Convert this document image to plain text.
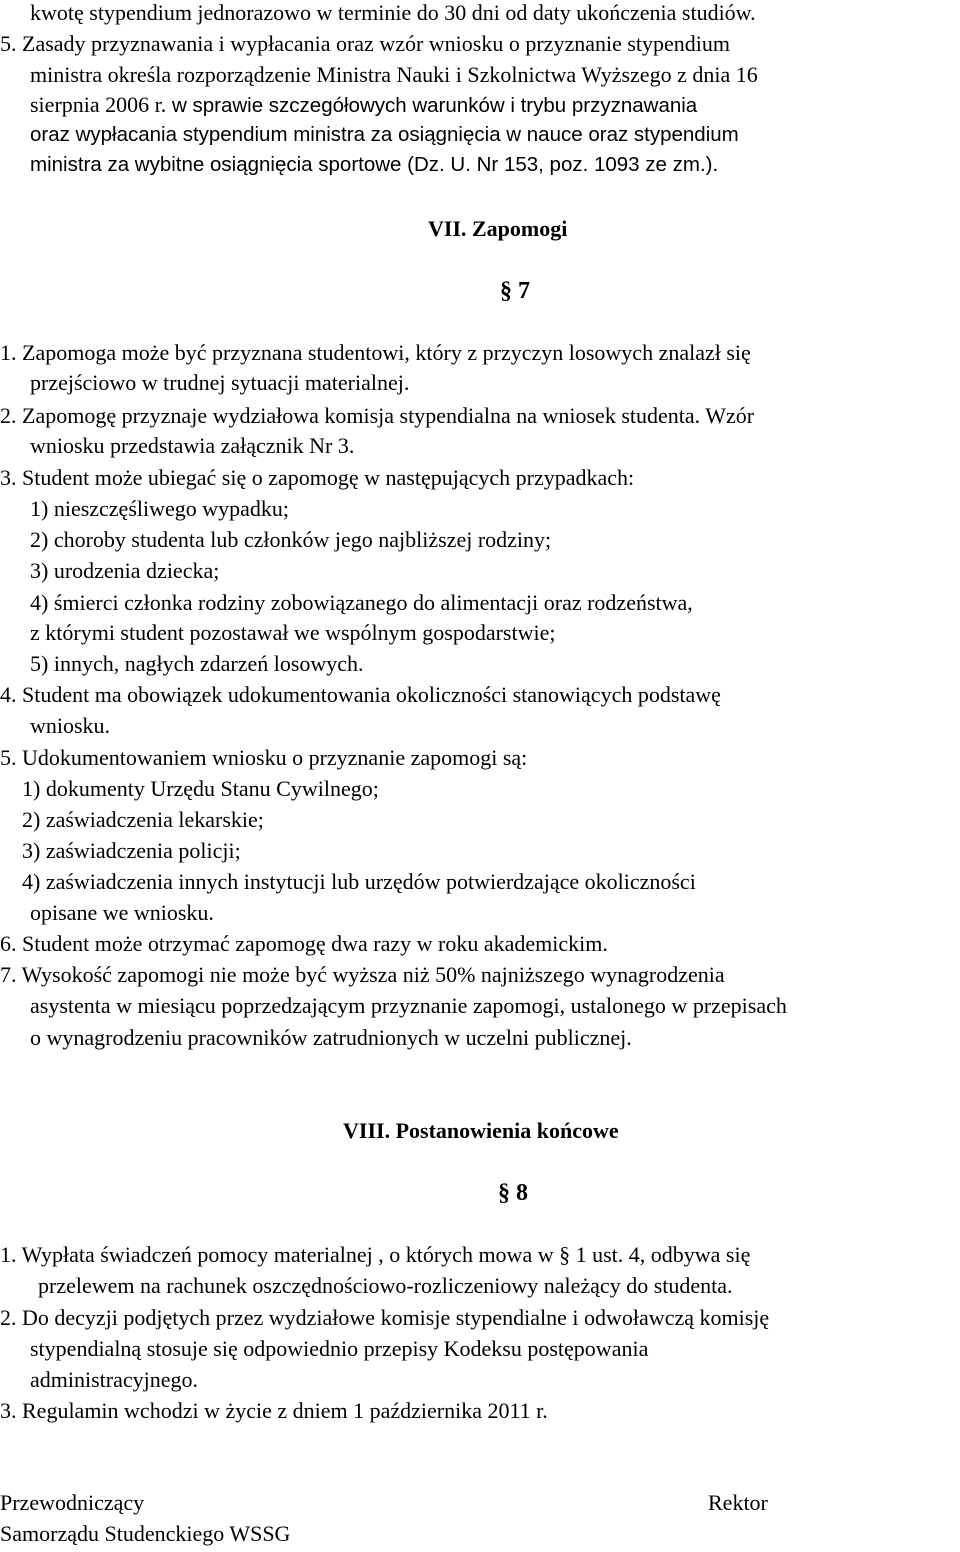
kwotę stypendium jednorazowo w terminie do 30 dni od daty ukończenia studiów.
5. Zasady przyznawania i wypłacania oraz wzór wniosku o przyznanie stypendium
ministra określa rozporządzenie Ministra Nauki i Szkolnictwa Wyższego z dnia 16
sierpnia 2006 r. w sprawie szczegółowych warunków i trybu przyznawania
oraz wypłacania stypendium ministra za osiągnięcia w nauce oraz stypendium
ministra za wybitne osiągnięcia sportowe (Dz. U. Nr 153, poz. 1093 ze zm.).
VII. Zapomogi
§ 7
1. Zapomoga może być przyznana studentowi, który z przyczyn losowych znalazł się
przejściowo w trudnej sytuacji materialnej.
2. Zapomogę przyznaje wydziałowa komisja stypendialna na wniosek studenta. Wzór
wniosku przedstawia załącznik Nr 3.
3. Student może ubiegać się o zapomogę w następujących przypadkach:
1) nieszczęśliwego wypadku;
2) choroby studenta lub członków jego najbliższej rodziny;
3) urodzenia dziecka;
4) śmierci członka rodziny zobowiązanego do alimentacji oraz rodzeństwa,
z którymi student pozostawał we wspólnym gospodarstwie;
5) innych, nagłych zdarzeń losowych.
4. Student ma obowiązek udokumentowania okoliczności stanowiących podstawę
wniosku.
5. Udokumentowaniem wniosku o przyznanie zapomogi są:
1) dokumenty Urzędu Stanu Cywilnego;
2) zaświadczenia lekarskie;
3) zaświadczenia policji;
4) zaświadczenia innych instytucji lub urzędów potwierdzające okoliczności
opisane we wniosku.
6. Student może otrzymać zapomogę dwa razy w roku akademickim.
7. Wysokość zapomogi nie może być wyższa niż 50% najniższego wynagrodzenia
asystenta w miesiącu poprzedzającym przyznanie zapomogi, ustalonego w przepisach
o wynagrodzeniu pracowników zatrudnionych w uczelni publicznej.
VIII. Postanowienia końcowe
§ 8
1. Wypłata świadczeń pomocy materialnej , o których mowa w § 1 ust. 4, odbywa się
przelewem na rachunek oszczędnościowo-rozliczeniowy należący do studenta.
2. Do decyzji podjętych przez wydziałowe komisje stypendialne i odwoławczą komisję
stypendialną stosuje się odpowiednio przepisy Kodeksu postępowania
administracyjnego.
3. Regulamin wchodzi w życie z dniem 1 października 2011 r.
Przewodniczący
Samorządu Studenckiego WSSG
Rektor
